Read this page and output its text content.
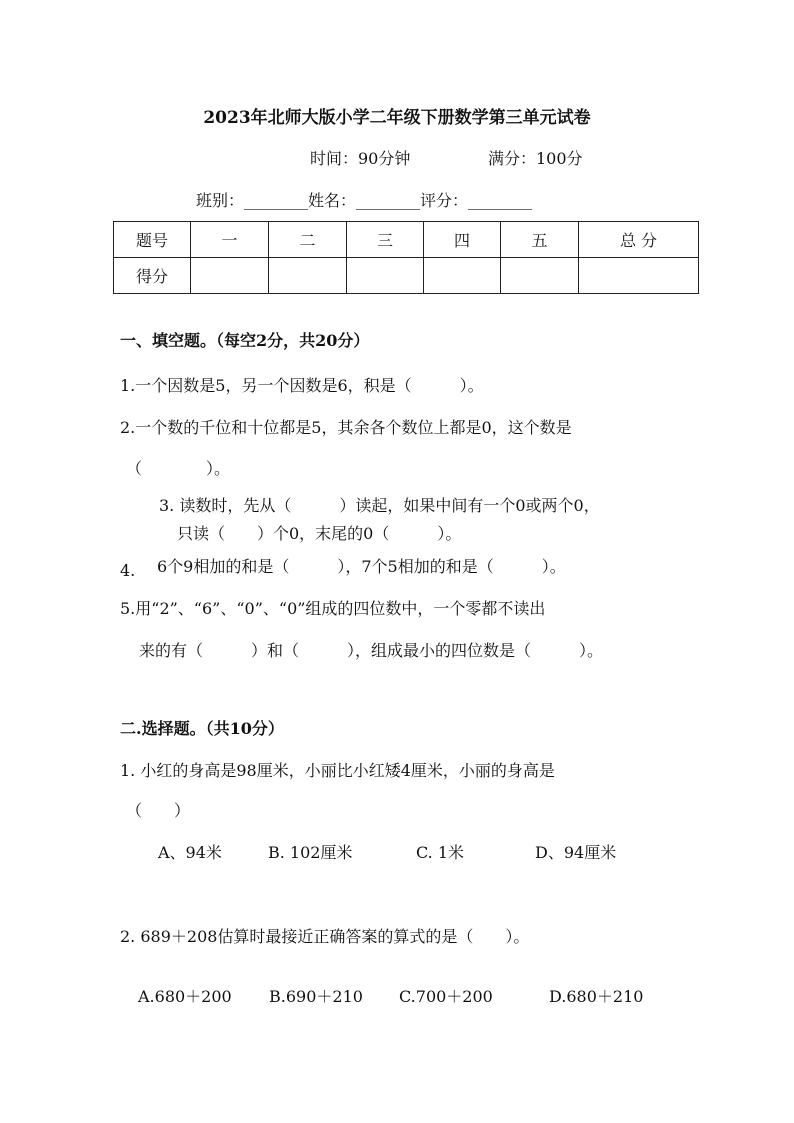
2023年北师大版小学二年级下册数学第三单元试卷
时间：90分钟	满分：100分
班别：________姓名：________评分：________
题号	一	二	三	四	五	总 分
得分						
一、填空题。（每空2分，共20分）
1.一个因数是5，另一个因数是6，积是（　　　）。
2.一个数的千位和十位都是5，其余各个数位上都是0，这个数是
（　　　　）。
3. 读数时，先从（　　　）读起，如果中间有一个0或两个0，
只读（　　）个0，末尾的0（　　　）。
4. 6个9相加的和是（　　　），7个5相加的和是（　　　）。
5.用“2”、“6”、“0”、“0”组成的四位数中，一个零都不读出
来的有（　　　）和（　　　），组成最小的四位数是（　　　）。
二.选择题。（共10分）
1. 小红的身高是98厘米，小丽比小红矮4厘米，小丽的身高是
（　　）
A、94米	B. 102厘米	C. 1米	D、94厘米
2. 689＋208估算时最接近正确答案的算式的是（　　）。
A.680＋200 B.690＋210 C.700＋200	D.680＋210
